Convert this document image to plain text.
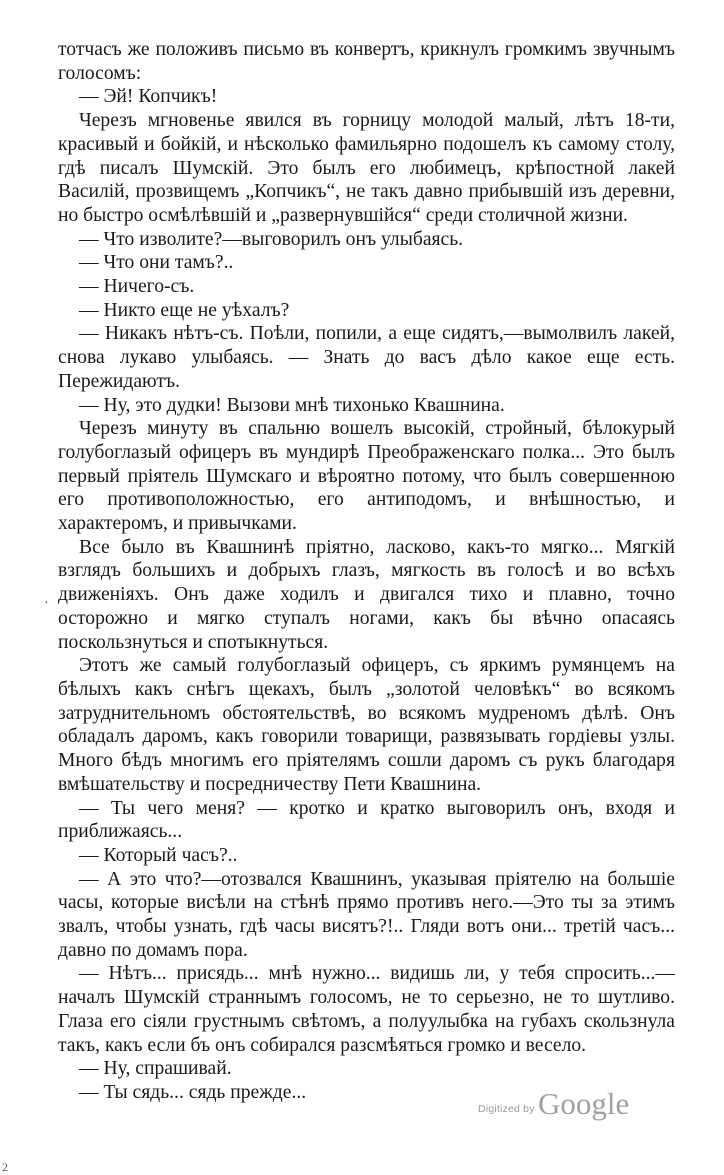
тотчасъ же положивъ письмо въ конвертъ, крикнулъ громкимъ звучнымъ голосомъ:

— Эй! Копчикъ!

Черезъ мгновенье явился въ горницу молодой малый, лѣтъ 18-ти, красивый и бойкій, и нѣсколько фамильярно подошелъ къ самому столу, гдѣ писалъ Шумскій. Это былъ его любимецъ, крѣпостной лакей Василій, прозвищемъ „Копчикъ“, не такъ давно прибывшій изъ деревни, но быстро осмѣлѣвшій и „развернувшійся“ среди столичной жизни.

— Что изволите?—выговорилъ онъ улыбаясь.

— Что они тамъ?..

— Ничего-съ.

— Никто еще не уѣхалъ?

— Никакъ нѣтъ-съ. Поѣли, попили, а еще сидятъ,—вымолвилъ лакей, снова лукаво улыбаясь. — Знать до васъ дѣло какое еще есть. Пережидаютъ.

— Ну, это дудки! Вызови мнѣ тихонько Квашнина.

Черезъ минуту въ спальню вошелъ высокій, стройный, бѣлокурый голубоглазый офицеръ въ мундирѣ Преображенскаго полка... Это былъ первый пріятель Шумскаго и вѣроятно потому, что былъ совершенною его противоположностью, его антиподомъ, и внѣшностью, и характеромъ, и привычками.

Все было въ Квашнинѣ пріятно, ласково, какъ-то мягко... Мягкій взглядъ большихъ и добрыхъ глазъ, мягкость въ голосѣ и во всѣхъ движеніяхъ. Онъ даже ходилъ и двигался тихо и плавно, точно осторожно и мягко ступалъ ногами, какъ бы вѣчно опасаясь поскользнуться и спотыкнуться.

Этотъ же самый голубоглазый офицеръ, съ яркимъ румянцемъ на бѣлыхъ какъ снѣгъ щекахъ, былъ „золотой человѣкъ“ во всякомъ затруднительномъ обстоятельствѣ, во всякомъ мудреномъ дѣлѣ. Онъ обладалъ даромъ, какъ говорили товарищи, развязывать гордіевы узлы. Много бѣдъ многимъ его пріятелямъ сошли даромъ съ рукъ благодаря вмѣшательству и посредничеству Пети Квашнина.

— Ты чего меня? — кротко и кратко выговорилъ онъ, входя и приближаясь...

— Который часъ?..

— А это что?—отозвался Квашнинъ, указывая пріятелю на большіе часы, которые висѣли на стѣнѣ прямо противъ него.—Это ты за этимъ звалъ, чтобы узнать, гдѣ часы висятъ?!.. Гляди вотъ они... третій часъ... давно по домамъ пора.

— Нѣтъ... присядь... мнѣ нужно... видишь ли, у тебя спросить...—началъ Шумскій страннымъ голосомъ, не то серьезно, не то шутливо. Глаза его сіяли грустнымъ свѣтомъ, а полуулыбка на губахъ скользнула такъ, какъ если бъ онъ собирался разсмѣяться громко и весело.

— Ну, спрашивай.

— Ты сядь... сядь прежде...

·
Digitized by Google
2
